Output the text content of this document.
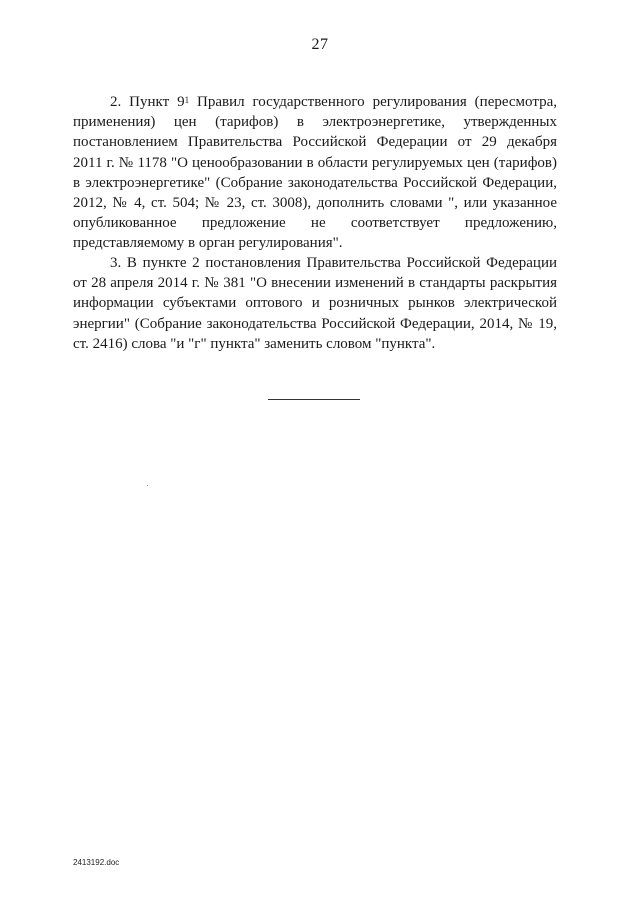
27
2. Пункт $9^1$ Правил государственного регулирования (пересмотра,
применения) цен (тарифов) в электроэнергетике, утвержденных
постановлением Правительства Российской Федерации от 29 декабря
2011 г. № 1178 "О ценообразовании в области регулируемых цен (тарифов)
в электроэнергетике" (Собрание законодательства Российской Федерации,
2012, № 4, ст. 504; № 23, ст. 3008), дополнить словами ", или указанное
опубликованное предложение не соответствует предложению,
представляемому в орган регулирования".
3. В пункте 2 постановления Правительства Российской Федерации
от 28 апреля 2014 г. № 381 "О внесении изменений в стандарты раскрытия
информации субъектами оптового и розничных рынков электрической
энергии" (Собрание законодательства Российской Федерации, 2014, № 19,
ст. 2416) слова "и "г" пункта" заменить словом "пункта".
2413192.doc
